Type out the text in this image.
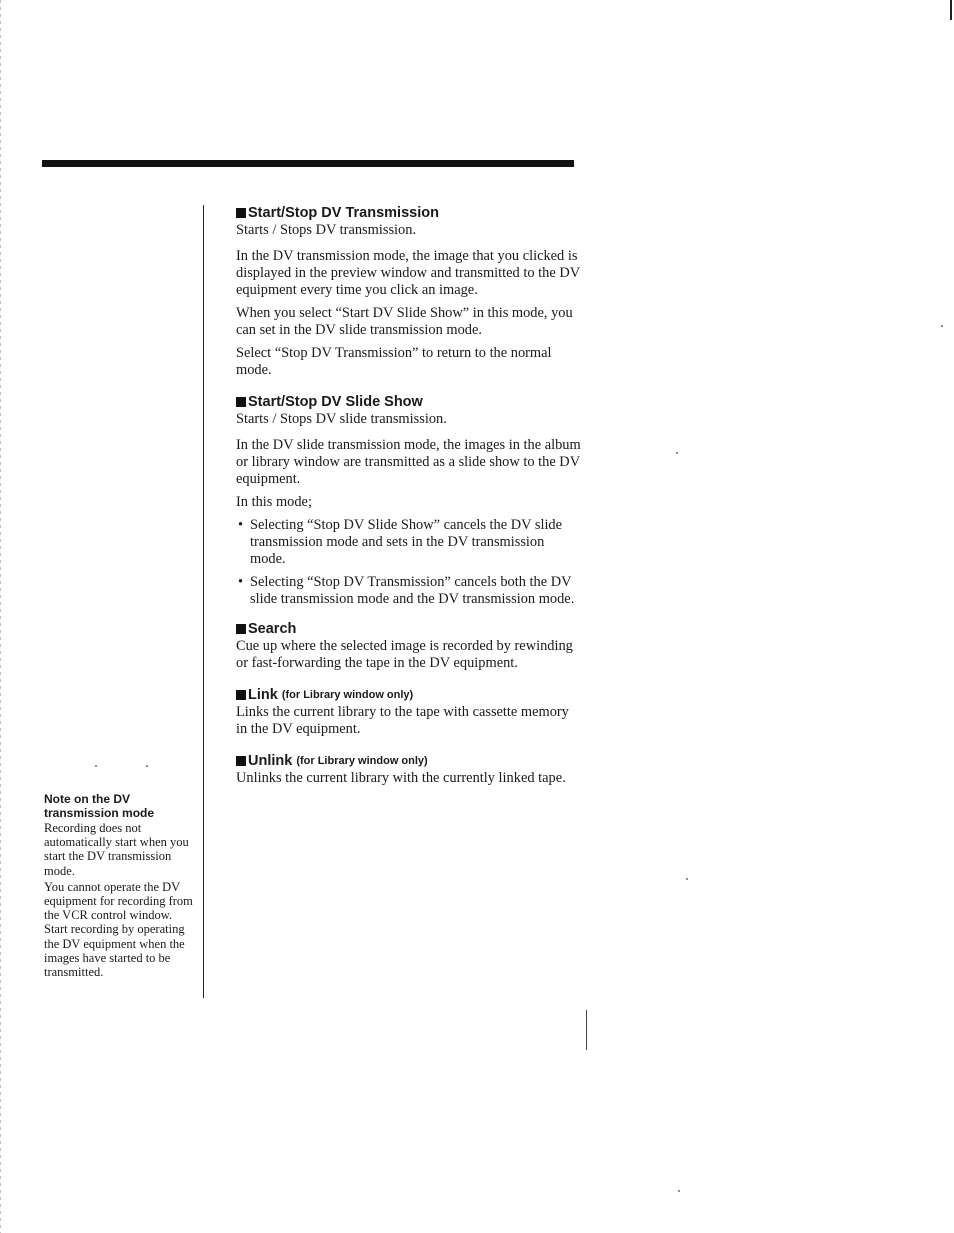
Start/Stop DV Transmission

Starts / Stops DV transmission.

In the DV transmission mode, the image that you clicked is displayed in the preview window and transmitted to the DV equipment every time you click an image.

When you select “Start DV Slide Show” in this mode, you can set in the DV slide transmission mode.

Select “Stop DV Transmission” to return to the normal mode.

Start/Stop DV Slide Show

Starts / Stops DV slide transmission.

In the DV slide transmission mode, the images in the album or library window are transmitted as a slide show to the DV equipment.

In this mode;

• Selecting “Stop DV Slide Show” cancels the DV slide transmission mode and sets in the DV transmission mode.
• Selecting “Stop DV Transmission” cancels both the DV slide transmission mode and the DV transmission mode.
Search

Cue up where the selected image is recorded by rewinding or fast-forwarding the tape in the DV equipment.

Link (for Library window only)

Links the current library to the tape with cassette memory in the DV equipment.

Unlink (for Library window only)

Unlinks the current library with the currently linked tape.

Note on the DV
transmission mode

Recording does not automatically start when you start the DV transmission mode.

You cannot operate the DV equipment for recording from the VCR control window. Start recording by operating the DV equipment when the images have started to be transmitted.
